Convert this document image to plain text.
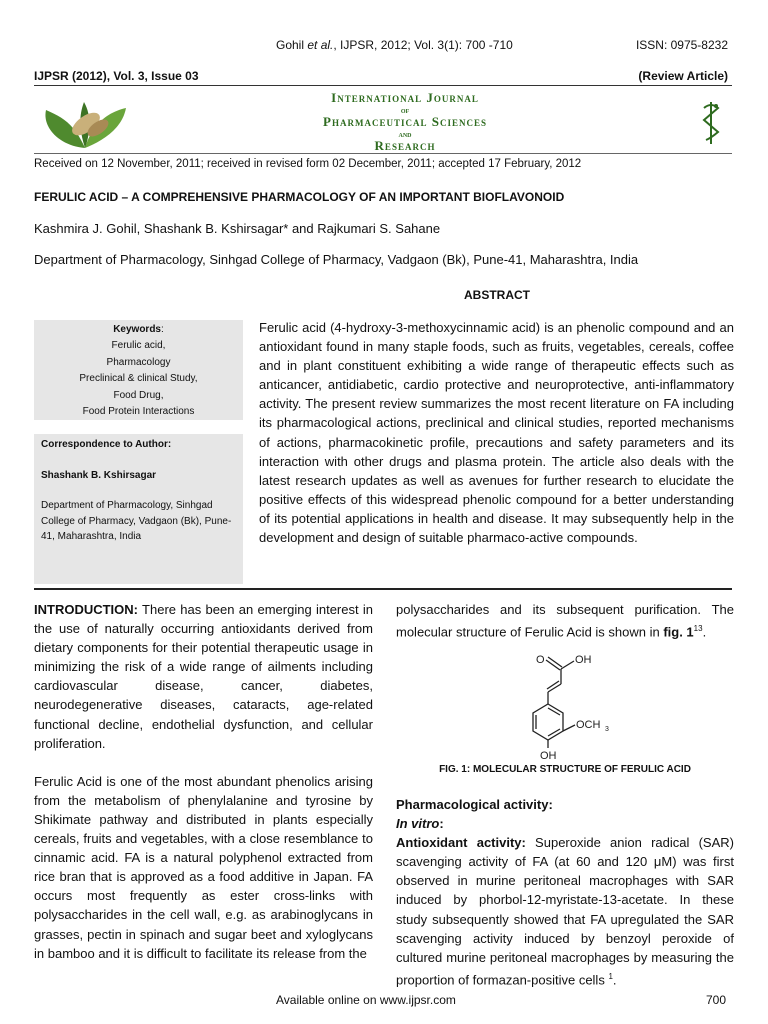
Gohil et al., IJPSR, 2012; Vol. 3(1): 700 -710	ISSN: 0975-8232
IJPSR (2012), Vol. 3, Issue 03	(Review Article)
International Journal
of
Pharmaceutical Sciences
and
Research
Received on 12 November, 2011; received in revised form 02 December, 2011; accepted 17 February, 2012
FERULIC ACID – A COMPREHENSIVE PHARMACOLOGY OF AN IMPORTANT BIOFLAVONOID
Kashmira J. Gohil, Shashank B. Kshirsagar* and Rajkumari S. Sahane
Department of Pharmacology, Sinhgad College of Pharmacy, Vadgaon (Bk), Pune-41, Maharashtra, India
ABSTRACT
Keywords:
Ferulic acid,
Pharmacology
Preclinical & clinical Study,
Food Drug,
Food Protein Interactions
Correspondence to Author:
Shashank B. Kshirsagar
Department of Pharmacology, Sinhgad College of Pharmacy, Vadgaon (Bk), Pune-41, Maharashtra, India
Ferulic acid (4-hydroxy-3-methoxycinnamic acid) is an phenolic compound and an antioxidant found in many staple foods, such as fruits, vegetables, cereals, coffee and in plant constituent exhibiting a wide range of therapeutic effects such as anticancer, antidiabetic, cardio protective and neuroprotective, anti-inflammatory activity. The present review summarizes the most recent literature on FA including its pharmacological actions, preclinical and clinical studies, reported mechanisms of actions, pharmacokinetic profile, precautions and safety parameters and its interaction with other drugs and plasma protein. The article also deals with the latest research updates as well as avenues for further research to elucidate the positive effects of this widespread phenolic compound for a better understanding of its potential applications in health and disease. It may subsequently help in the development and design of suitable pharmaco-active compounds.

INTRODUCTION: There has been an emerging interest in the use of naturally occurring antioxidants derived from dietary components for their potential therapeutic usage in minimizing the risk of a wide range of ailments including cardiovascular disease, cancer, diabetes, neurodegenerative diseases, cataracts, age-related functional decline, endothelial dysfunction, and cellular proliferation.

Ferulic Acid is one of the most abundant phenolics arising from the metabolism of phenylalanine and tyrosine by Shikimate pathway and distributed in plants especially cereals, fruits and vegetables, with a close resemblance to cinnamic acid. FA is a natural polyphenol extracted from rice bran that is approved as a food additive in Japan. FA occurs most frequently as ester cross-links with polysaccharides in the cell wall, e.g. as arabinoglycans in grasses, pectin in spinach and sugar beet and xyloglycans in bamboo and it is difficult to facilitate its release from the

polysaccharides and its subsequent purification. The molecular structure of Ferulic Acid is shown in fig. $1^{13}$.

O	OH
OCH 3
OH
FIG. 1: MOLECULAR STRUCTURE OF FERULIC ACID

Pharmacological activity:

In vitro:

Antioxidant activity: Superoxide anion radical (SAR) scavenging activity of FA (at 60 and 120 μM) was first observed in murine peritoneal macrophages with SAR induced by phorbol-12-myristate-13-acetate. In these study subsequently showed that FA upregulated the SAR scavenging activity induced by benzoyl peroxide of cultured murine peritoneal macrophages by measuring the proportion of formazan-positive cells $^1$.

Available online on www.ijpsr.com	700
